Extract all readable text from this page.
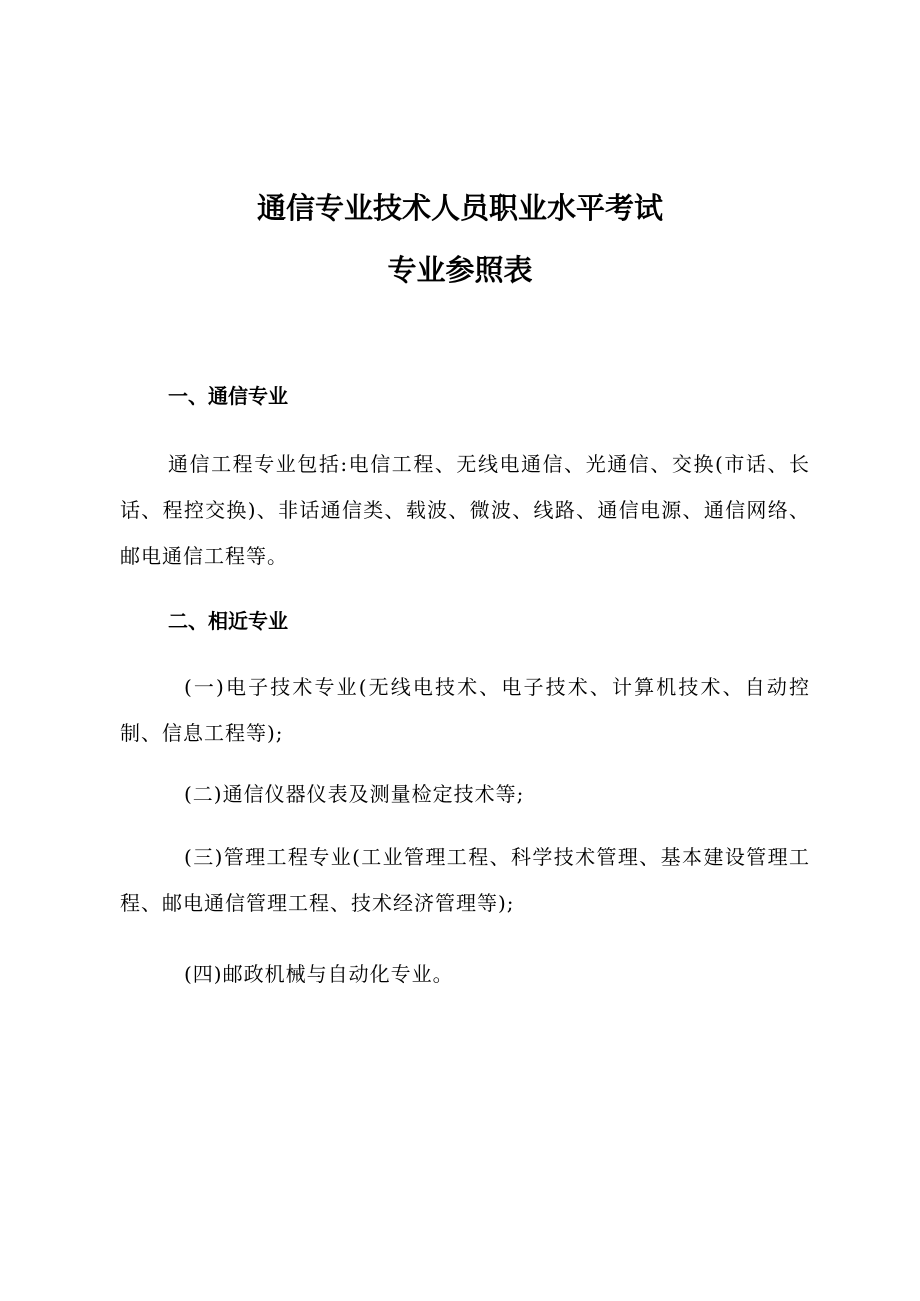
通信专业技术人员职业水平考试
专业参照表
一、通信专业
通信工程专业包括:电信工程、无线电通信、光通信、交换(市话、长话、程控交换)、非话通信类、载波、微波、线路、通信电源、通信网络、邮电通信工程等。
二、相近专业
(一)电子技术专业(无线电技术、电子技术、计算机技术、自动控制、信息工程等);
(二)通信仪器仪表及测量检定技术等;
(三)管理工程专业(工业管理工程、科学技术管理、基本建设管理工程、邮电通信管理工程、技术经济管理等);
(四)邮政机械与自动化专业。
